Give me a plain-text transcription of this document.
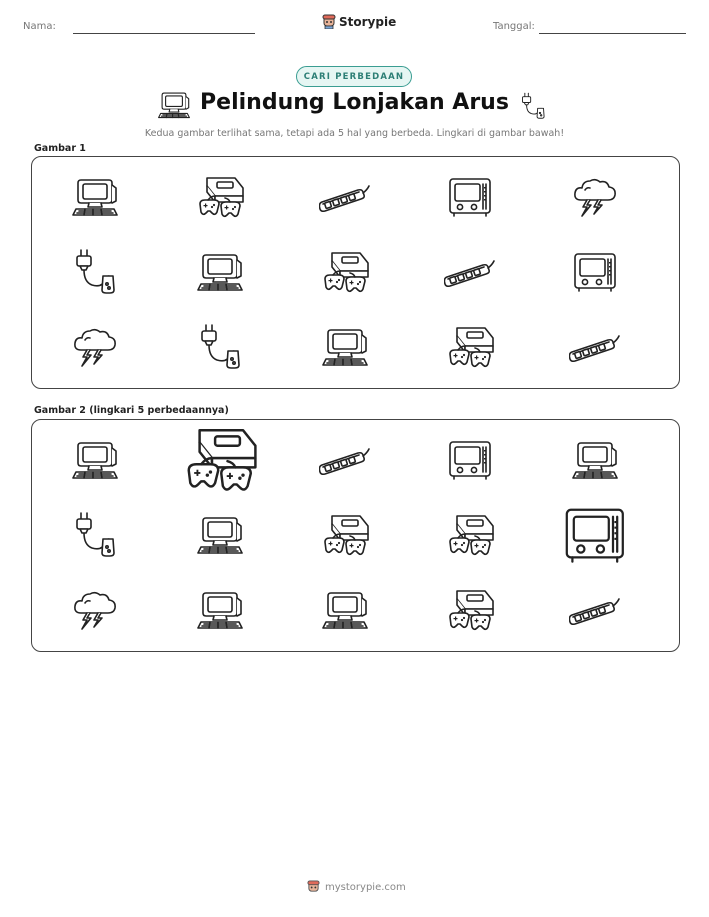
Nama:	Storypie	Tanggal:
CARI PERBEDAAN
Pelindung Lonjakan Arus
Kedua gambar terlihat sama, tetapi ada 5 hal yang berbeda. Lingkari di gambar bawah!
Gambar 1
Gambar 2 (lingkari 5 perbedaannya)
mystorypie.com
